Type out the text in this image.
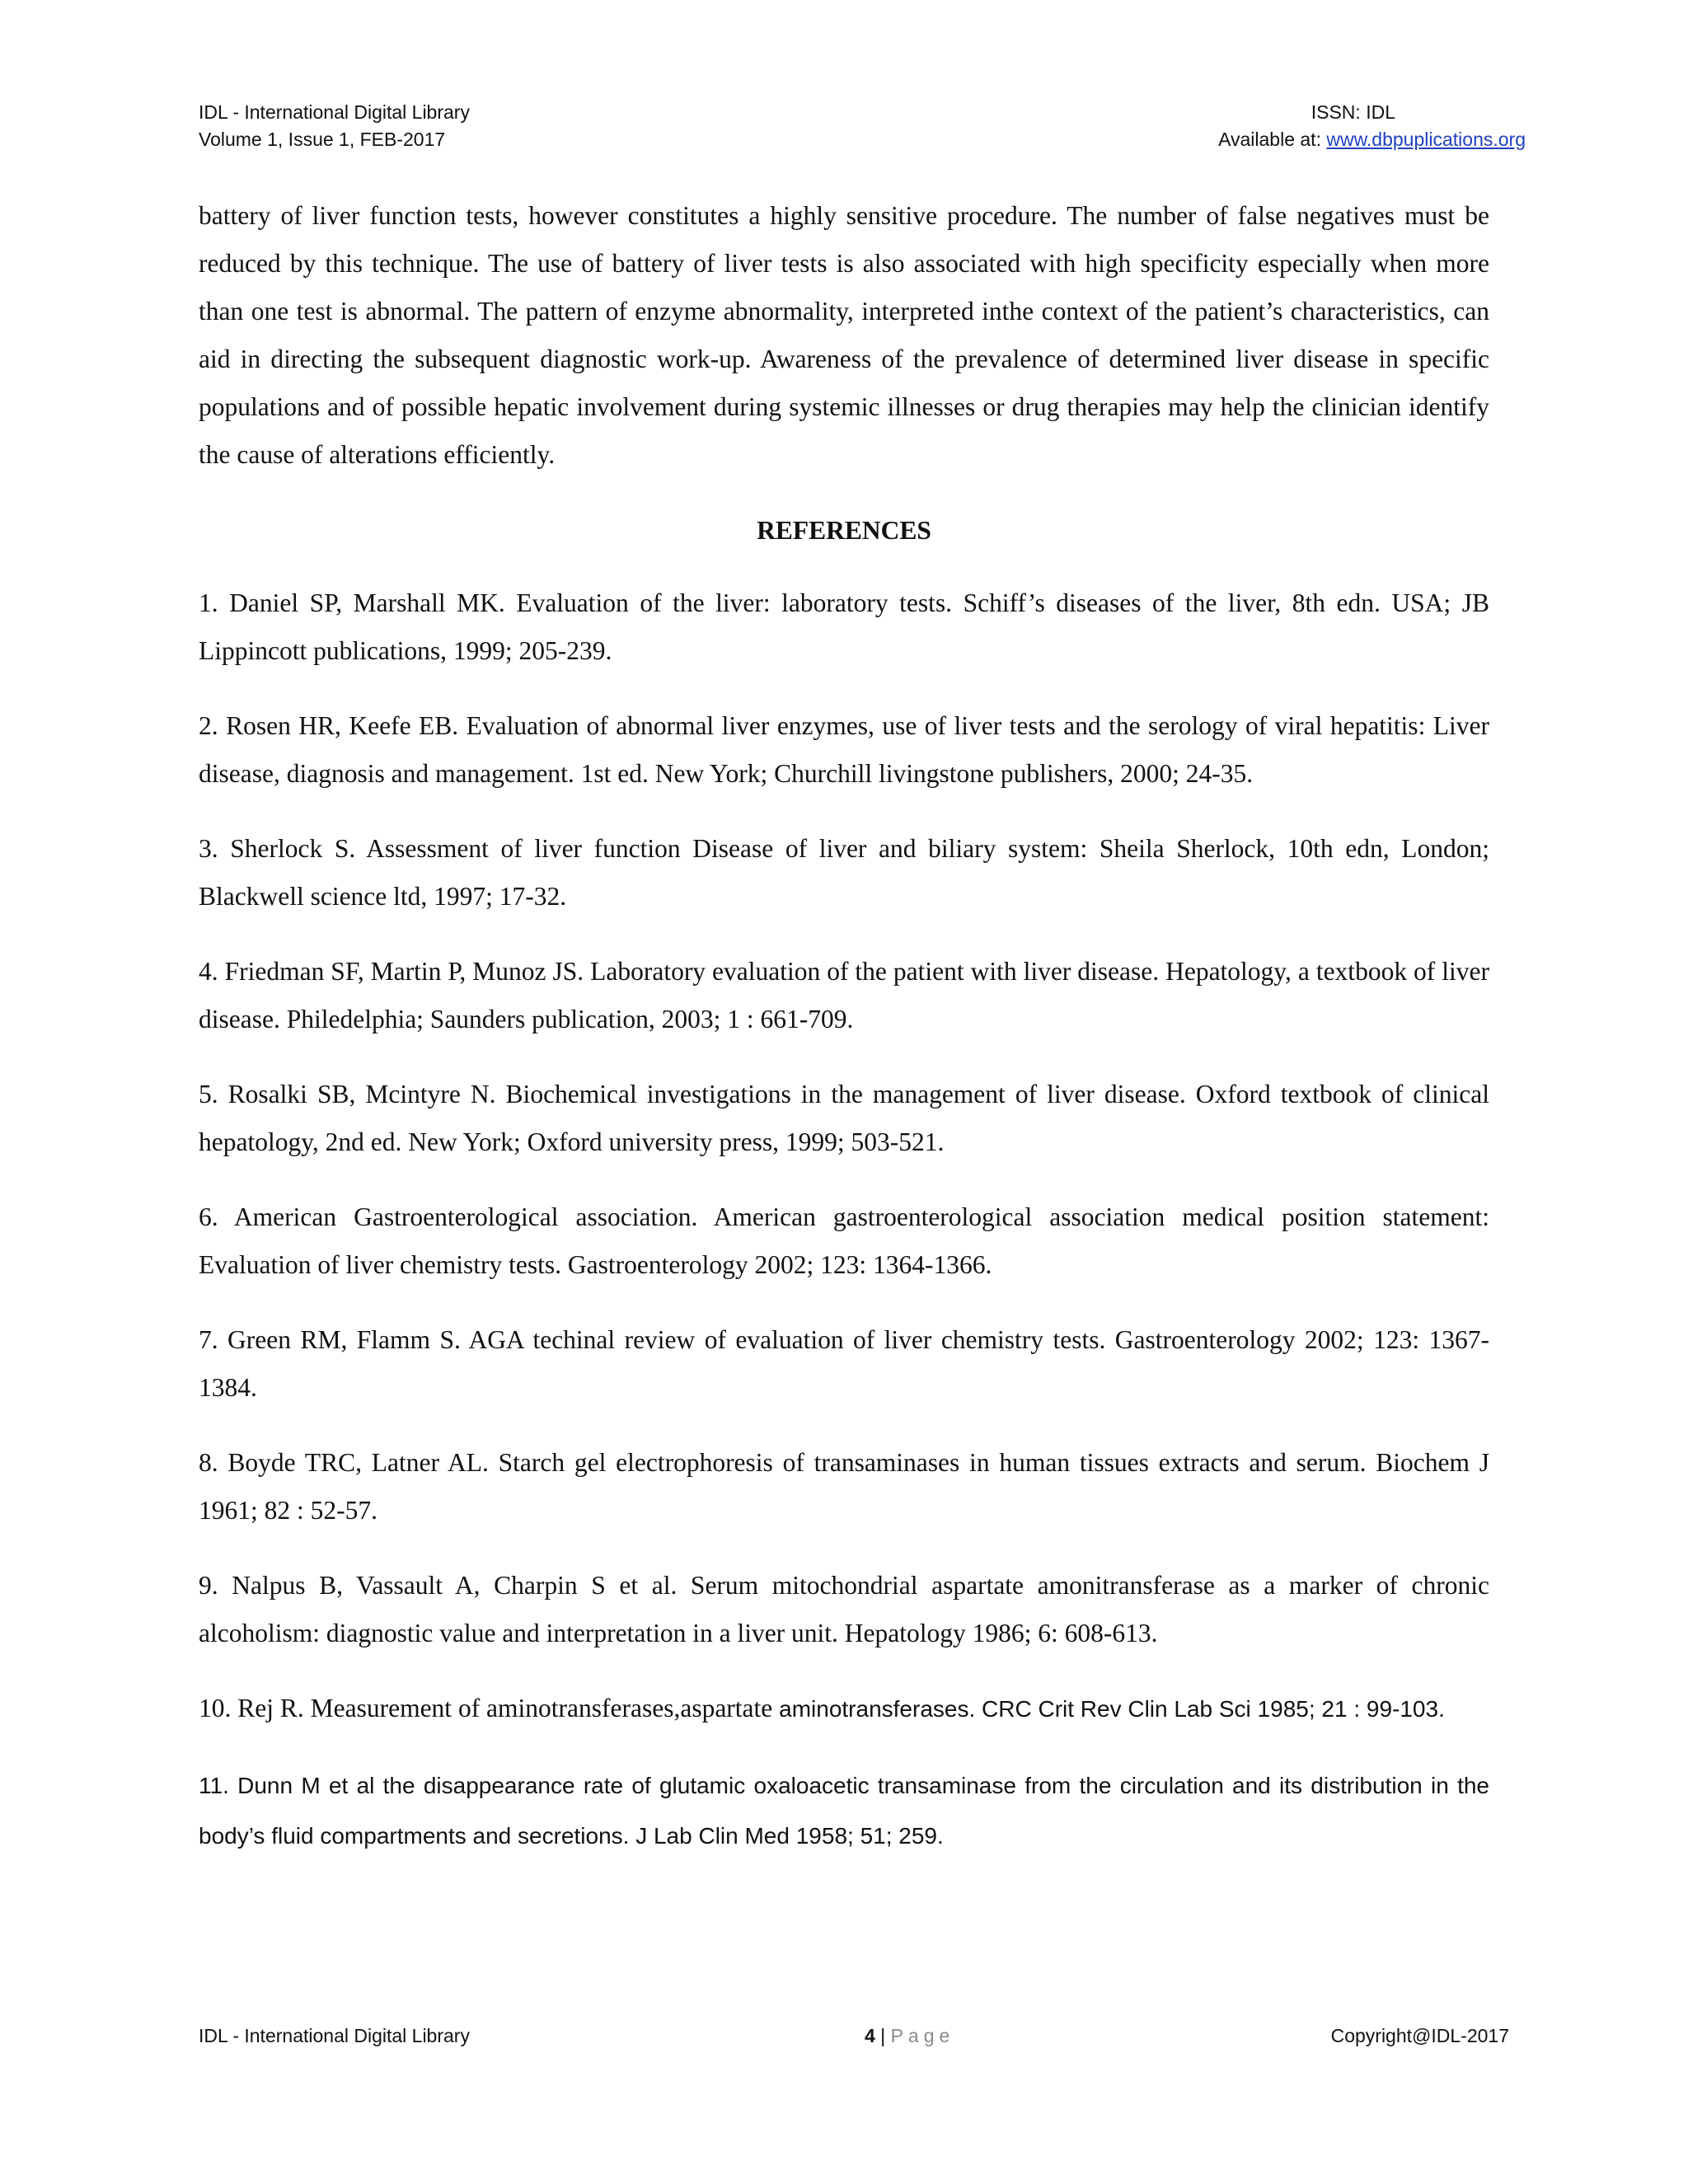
IDL - International Digital Library
Volume 1, Issue 1, FEB-2017
ISSN: IDL
Available at: www.dbpuplications.org

battery of liver function tests, however constitutes a highly sensitive procedure. The number of false negatives must be reduced by this technique. The use of battery of liver tests is also associated with high specificity especially when more than one test is abnormal. The pattern of enzyme abnormality, interpreted inthe context of the patient’s characteristics, can aid in directing the subsequent diagnostic work-up. Awareness of the prevalence of determined liver disease in specific populations and of possible hepatic involvement during systemic illnesses or drug therapies may help the clinician identify the cause of alterations efficiently.

REFERENCES

1. Daniel SP, Marshall MK. Evaluation of the liver: laboratory tests. Schiff’s diseases of the liver, 8th edn. USA; JB Lippincott publications, 1999; 205-239.

2. Rosen HR, Keefe EB. Evaluation of abnormal liver enzymes, use of liver tests and the serology of viral hepatitis: Liver disease, diagnosis and management. 1st ed. New York; Churchill livingstone publishers, 2000; 24-35.

3. Sherlock S. Assessment of liver function Disease of liver and biliary system: Sheila Sherlock, 10th edn, London; Blackwell science ltd, 1997; 17-32.

4. Friedman SF, Martin P, Munoz JS. Laboratory evaluation of the patient with liver disease. Hepatology, a textbook of liver disease. Philedelphia; Saunders publication, 2003; 1 : 661-709.

5. Rosalki SB, Mcintyre N. Biochemical investigations in the management of liver disease. Oxford textbook of clinical hepatology, 2nd ed. New York; Oxford university press, 1999; 503-521.

6. American Gastroenterological association. American gastroenterological association medical position statement: Evaluation of liver chemistry tests. Gastroenterology 2002; 123: 1364-1366.

7. Green RM, Flamm S. AGA techinal review of evaluation of liver chemistry tests. Gastroenterology 2002; 123: 1367-1384.

8. Boyde TRC, Latner AL. Starch gel electrophoresis of transaminases in human tissues extracts and serum. Biochem J 1961; 82 : 52-57.

9. Nalpus B, Vassault A, Charpin S et al. Serum mitochondrial aspartate amonitransferase as a marker of chronic alcoholism: diagnostic value and interpretation in a liver unit. Hepatology 1986; 6: 608-613.

10. Rej R. Measurement of aminotransferases,aspartate aminotransferases. CRC Crit Rev Clin Lab Sci 1985; 21 : 99-103.

11. Dunn M et al the disappearance rate of glutamic oxaloacetic transaminase from the circulation and its distribution in the body’s fluid compartments and secretions. J Lab Clin Med 1958; 51; 259.

IDL - International Digital Library	4 | Page	Copyright@IDL-2017
